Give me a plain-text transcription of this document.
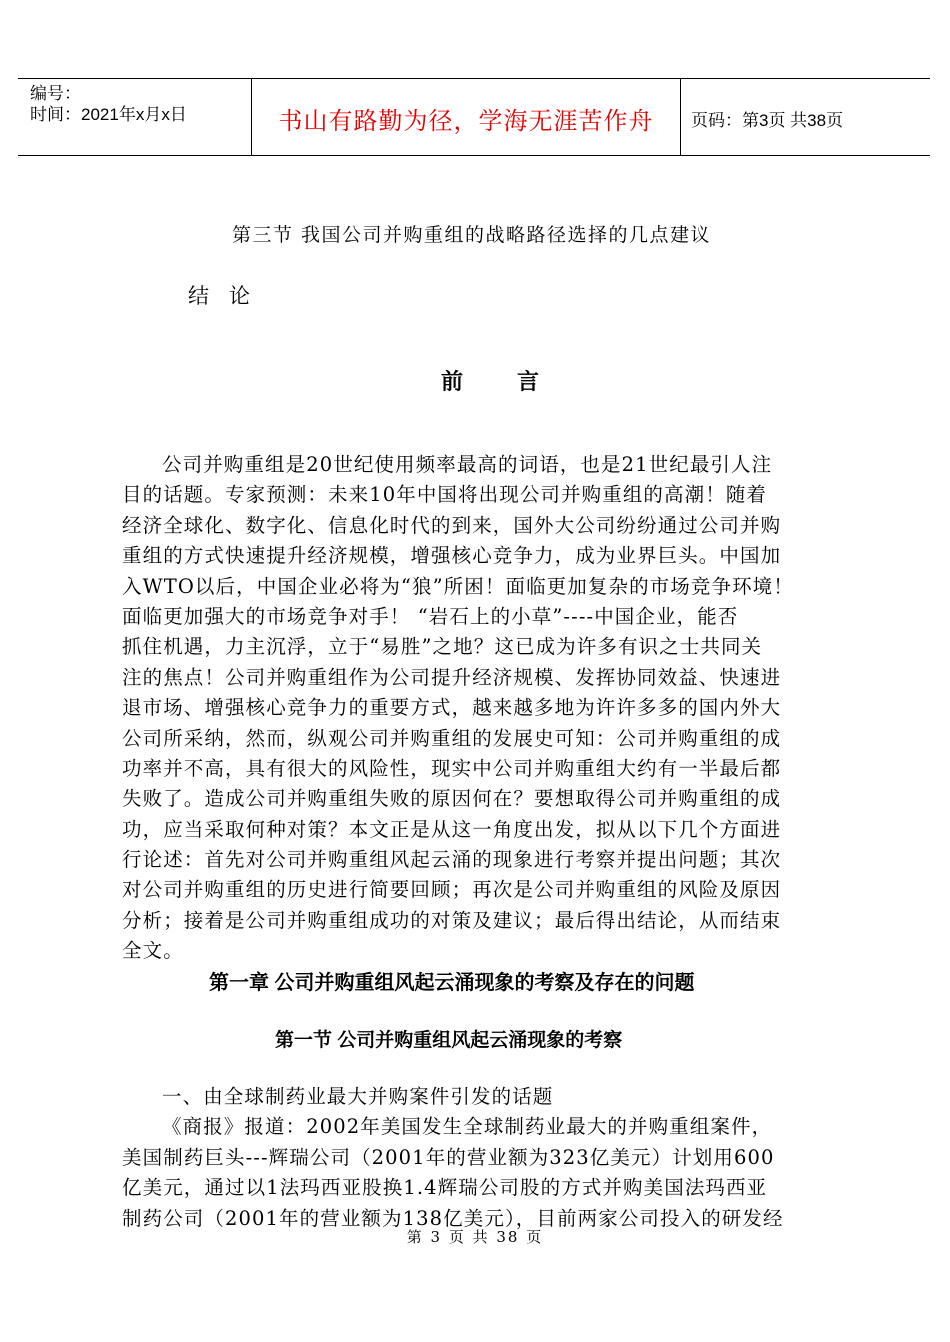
编号：
时间：2021年x月x日	书山有路勤为径，学海无涯苦作舟	页码：第3页 共38页
第三节 我国公司并购重组的战略路径选择的几点建议
结论
前言
公司并购重组是20世纪使用频率最高的词语，也是21世纪最引人注
目的话题。专家预测：未来10年中国将出现公司并购重组的高潮！随着
经济全球化、数字化、信息化时代的到来，国外大公司纷纷通过公司并购
重组的方式快速提升经济规模，增强核心竞争力，成为业界巨头。中国加
入WTO以后，中国企业必将为“狼”所困！面临更加复杂的市场竞争环境！
面临更加强大的市场竞争对手！ “岩石上的小草”----中国企业，能否
抓住机遇，力主沉浮，立于“易胜”之地？这已成为许多有识之士共同关
注的焦点！公司并购重组作为公司提升经济规模、发挥协同效益、快速进
退市场、增强核心竞争力的重要方式，越来越多地为许许多多的国内外大
公司所采纳，然而，纵观公司并购重组的发展史可知：公司并购重组的成
功率并不高，具有很大的风险性，现实中公司并购重组大约有一半最后都
失败了。造成公司并购重组失败的原因何在？要想取得公司并购重组的成
功，应当采取何种对策？本文正是从这一角度出发，拟从以下几个方面进
行论述：首先对公司并购重组风起云涌的现象进行考察并提出问题；其次
对公司并购重组的历史进行简要回顾；再次是公司并购重组的风险及原因
分析；接着是公司并购重组成功的对策及建议；最后得出结论，从而结束
全文。
第一章 公司并购重组风起云涌现象的考察及存在的问题
第一节 公司并购重组风起云涌现象的考察
一、由全球制药业最大并购案件引发的话题
《商报》报道：2002年美国发生全球制药业最大的并购重组案件，
美国制药巨头---辉瑞公司（2001年的营业额为323亿美元）计划用600
亿美元，通过以1法玛西亚股换1.4辉瑞公司股的方式并购美国法玛西亚
制药公司（2001年的营业额为138亿美元），目前两家公司投入的研发经
第 3 页 共 38 页
